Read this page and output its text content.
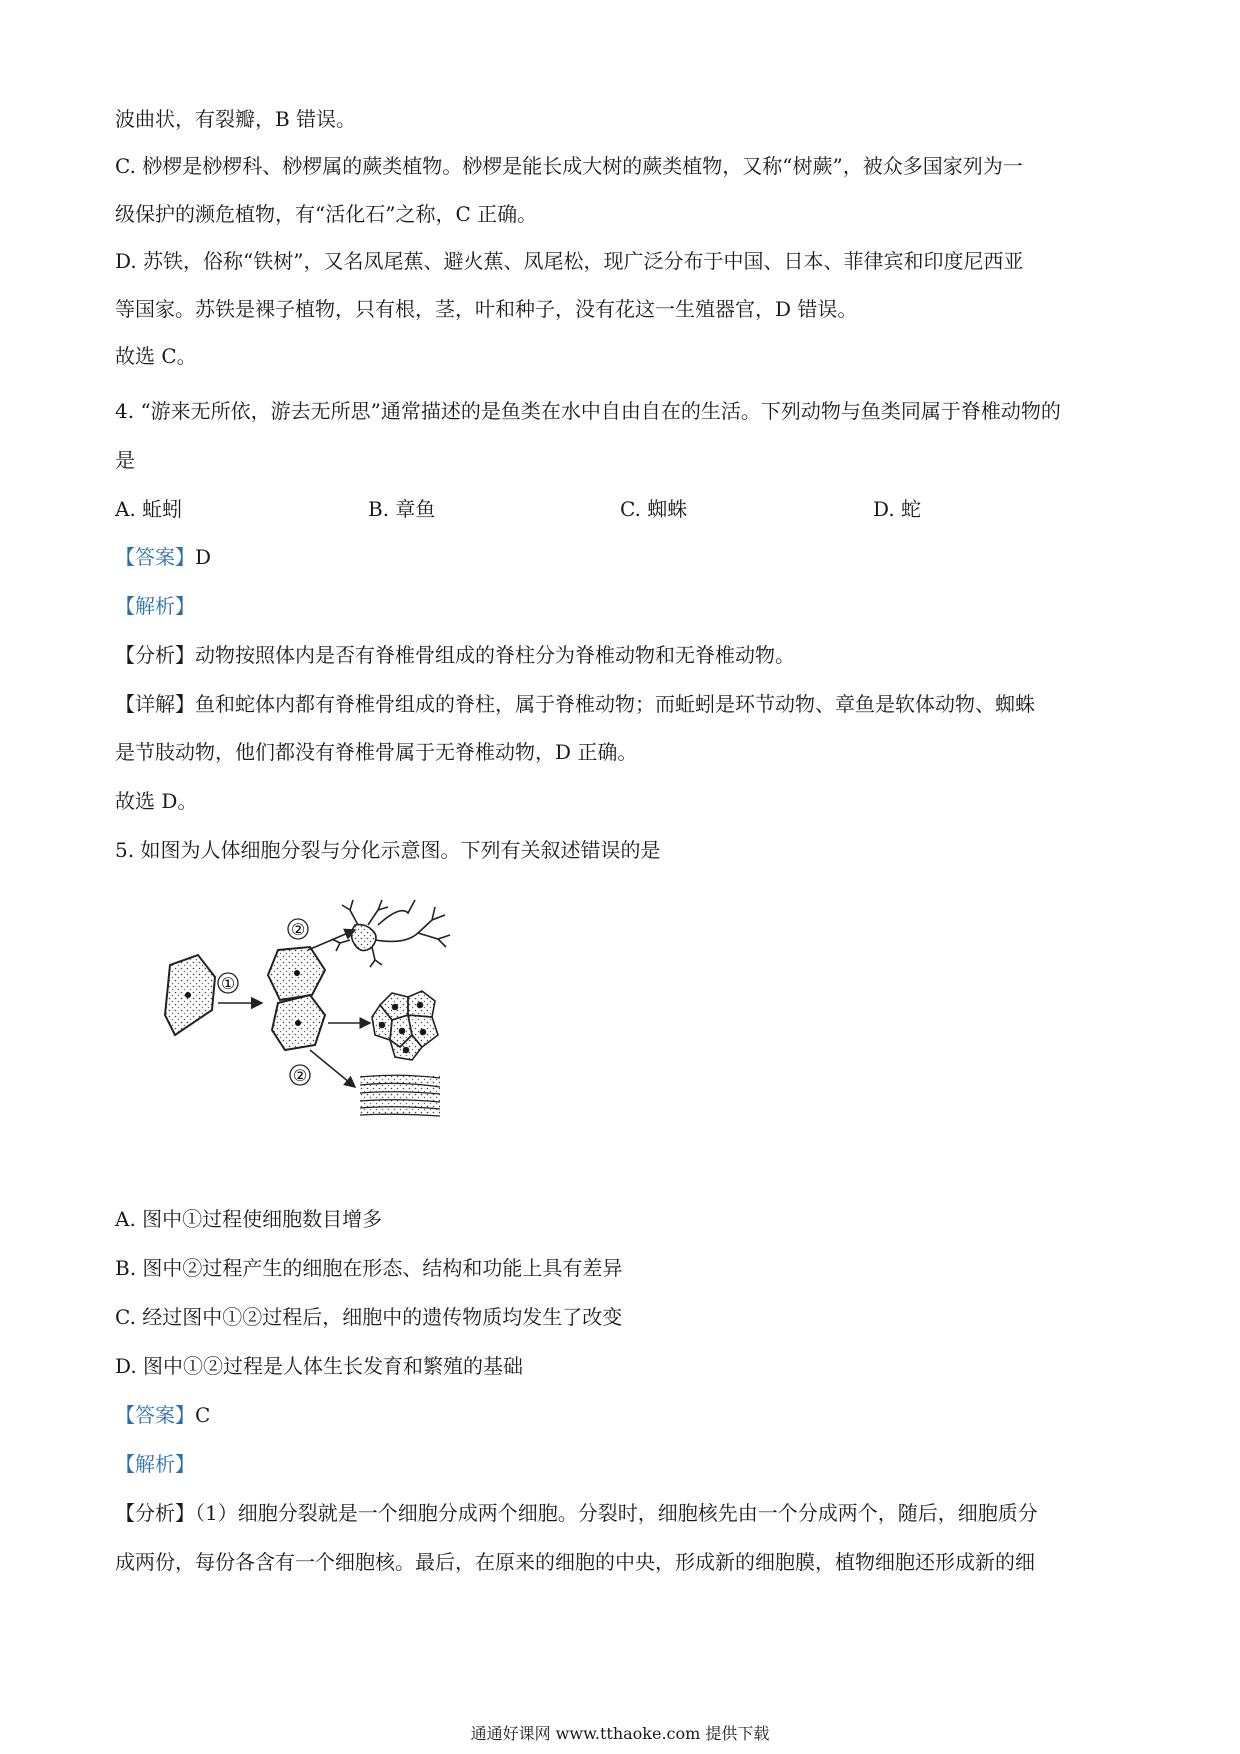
波曲状，有裂瓣，B 错误。
C. 桫椤是桫椤科、桫椤属的蕨类植物。桫椤是能长成大树的蕨类植物，又称“树蕨”，被众多国家列为一
级保护的濒危植物，有“活化石”之称，C 正确。
D. 苏铁，俗称“铁树”，又名凤尾蕉、避火蕉、凤尾松，现广泛分布于中国、日本、菲律宾和印度尼西亚
等国家。苏铁是裸子植物，只有根，茎，叶和种子，没有花这一生殖器官，D 错误。
故选 C。
4. “游来无所依，游去无所思”通常描述的是鱼类在水中自由自在的生活。下列动物与鱼类同属于脊椎动物的
是
A. 蚯蚓	B. 章鱼	C. 蜘蛛	D. 蛇
【答案】D
【解析】
【分析】动物按照体内是否有脊椎骨组成的脊柱分为脊椎动物和无脊椎动物。
【详解】鱼和蛇体内都有脊椎骨组成的脊柱，属于脊椎动物；而蚯蚓是环节动物、章鱼是软体动物、蜘蛛
是节肢动物，他们都没有脊椎骨属于无脊椎动物，D 正确。
故选 D。
5. 如图为人体细胞分裂与分化示意图。下列有关叙述错误的是
①
②
②
A. 图中①过程使细胞数目增多
B. 图中②过程产生的细胞在形态、结构和功能上具有差异
C. 经过图中①②过程后，细胞中的遗传物质均发生了改变
D. 图中①②过程是人体生长发育和繁殖的基础
【答案】C
【解析】
【分析】（1）细胞分裂就是一个细胞分成两个细胞。分裂时，细胞核先由一个分成两个，随后，细胞质分
成两份，每份各含有一个细胞核。最后，在原来的细胞的中央，形成新的细胞膜，植物细胞还形成新的细
通通好课网 www.tthaoke.com 提供下载
